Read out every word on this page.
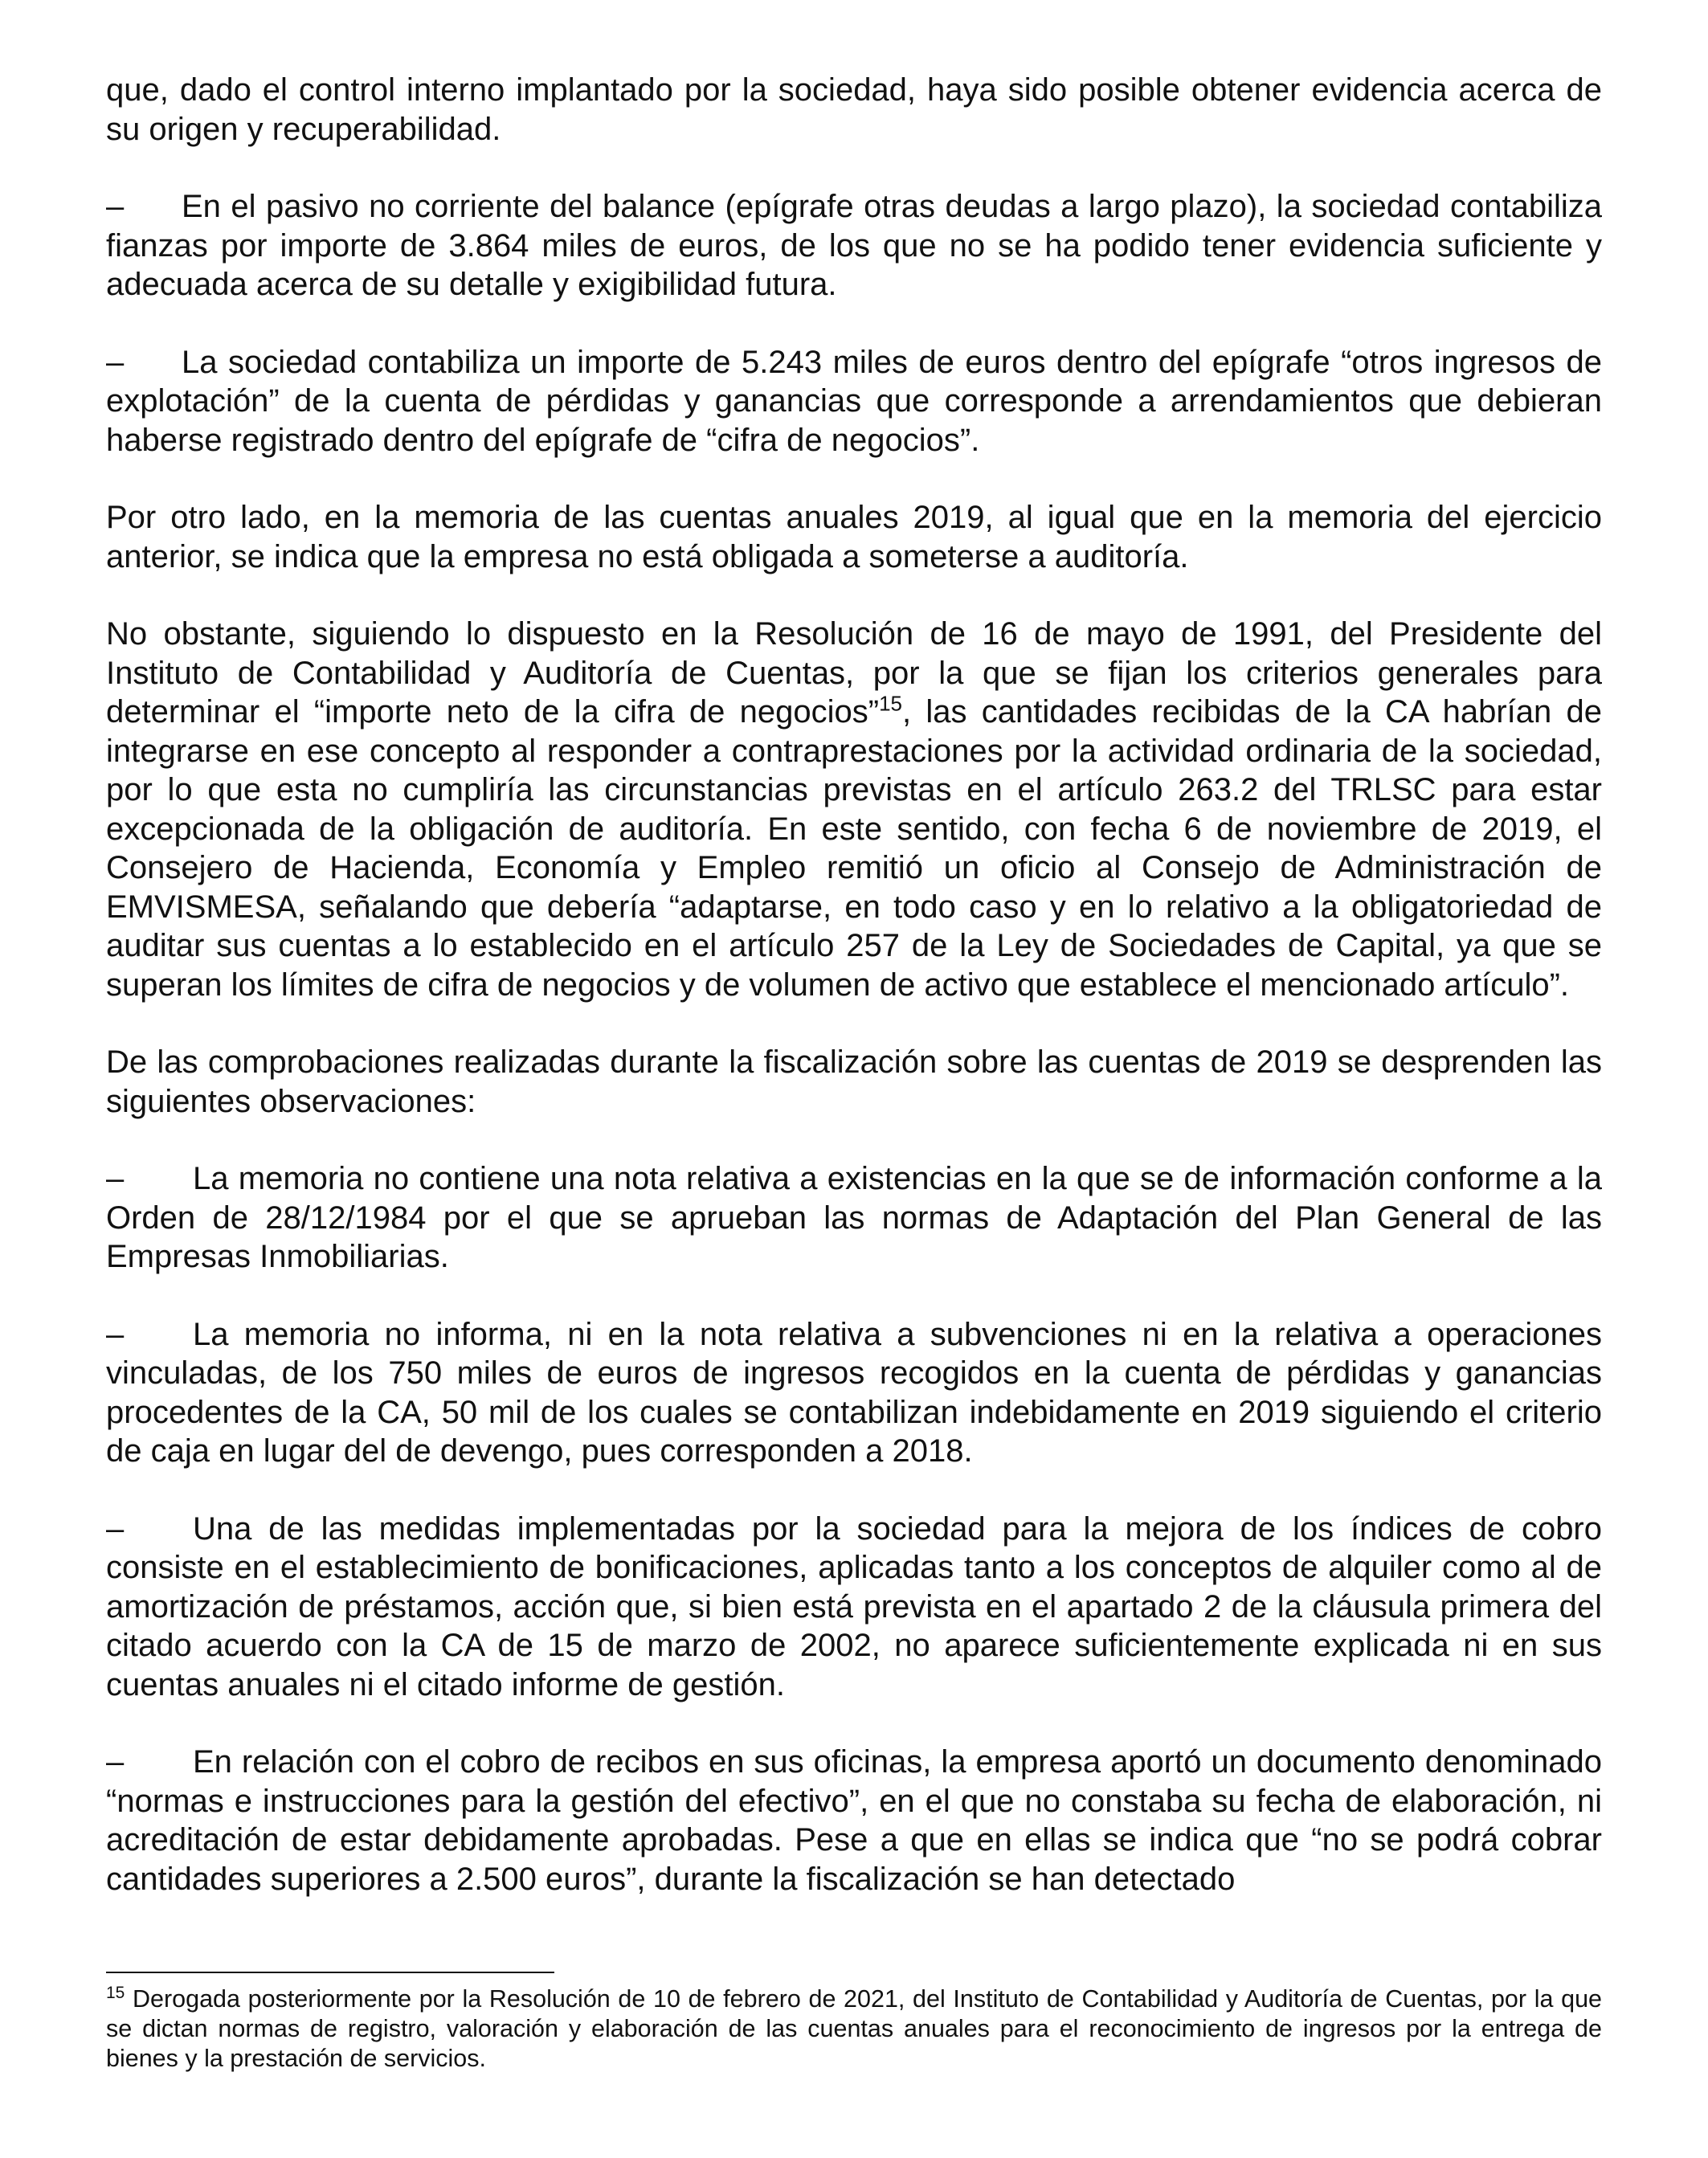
que, dado el control interno implantado por la sociedad, haya sido posible obtener evidencia acerca de su origen y recuperabilidad.

– En el pasivo no corriente del balance (epígrafe otras deudas a largo plazo), la sociedad contabiliza fianzas por importe de 3.864 miles de euros, de los que no se ha podido tener evidencia suficiente y adecuada acerca de su detalle y exigibilidad futura.

– La sociedad contabiliza un importe de 5.243 miles de euros dentro del epígrafe “otros ingresos de explotación” de la cuenta de pérdidas y ganancias que corresponde a arrendamientos que debieran haberse registrado dentro del epígrafe de “cifra de negocios”.

Por otro lado, en la memoria de las cuentas anuales 2019, al igual que en la memoria del ejercicio anterior, se indica que la empresa no está obligada a someterse a auditoría.

No obstante, siguiendo lo dispuesto en la Resolución de 16 de mayo de 1991, del Presidente del Instituto de Contabilidad y Auditoría de Cuentas, por la que se fijan los criterios generales para determinar el “importe neto de la cifra de negocios”$^{15}$, las cantidades recibidas de la CA habrían de integrarse en ese concepto al responder a contraprestaciones por la actividad ordinaria de la sociedad, por lo que esta no cumpliría las circunstancias previstas en el artículo 263.2 del TRLSC para estar excepcionada de la obligación de auditoría. En este sentido, con fecha 6 de noviembre de 2019, el Consejero de Hacienda, Economía y Empleo remitió un oficio al Consejo de Administración de EMVISMESA, señalando que debería “adaptarse, en todo caso y en lo relativo a la obligatoriedad de auditar sus cuentas a lo establecido en el artículo 257 de la Ley de Sociedades de Capital, ya que se superan los límites de cifra de negocios y de volumen de activo que establece el mencionado artículo”.

De las comprobaciones realizadas durante la fiscalización sobre las cuentas de 2019 se desprenden las siguientes observaciones:

– La memoria no contiene una nota relativa a existencias en la que se de información conforme a la Orden de 28/12/1984 por el que se aprueban las normas de Adaptación del Plan General de las Empresas Inmobiliarias.

– La memoria no informa, ni en la nota relativa a subvenciones ni en la relativa a operaciones vinculadas, de los 750 miles de euros de ingresos recogidos en la cuenta de pérdidas y ganancias procedentes de la CA, 50 mil de los cuales se contabilizan indebidamente en 2019 siguiendo el criterio de caja en lugar del de devengo, pues corresponden a 2018.

– Una de las medidas implementadas por la sociedad para la mejora de los índices de cobro consiste en el establecimiento de bonificaciones, aplicadas tanto a los conceptos de alquiler como al de amortización de préstamos, acción que, si bien está prevista en el apartado 2 de la cláusula primera del citado acuerdo con la CA de 15 de marzo de 2002, no aparece suficientemente explicada ni en sus cuentas anuales ni el citado informe de gestión.

– En relación con el cobro de recibos en sus oficinas, la empresa aportó un documento denominado “normas e instrucciones para la gestión del efectivo”, en el que no constaba su fecha de elaboración, ni acreditación de estar debidamente aprobadas. Pese a que en ellas se indica que “no se podrá cobrar cantidades superiores a 2.500 euros”, durante la fiscalización se han detectado

$^{15}$ Derogada posteriormente por la Resolución de 10 de febrero de 2021, del Instituto de Contabilidad y Auditoría de Cuentas, por la que se dictan normas de registro, valoración y elaboración de las cuentas anuales para el reconocimiento de ingresos por la entrega de bienes y la prestación de servicios.
